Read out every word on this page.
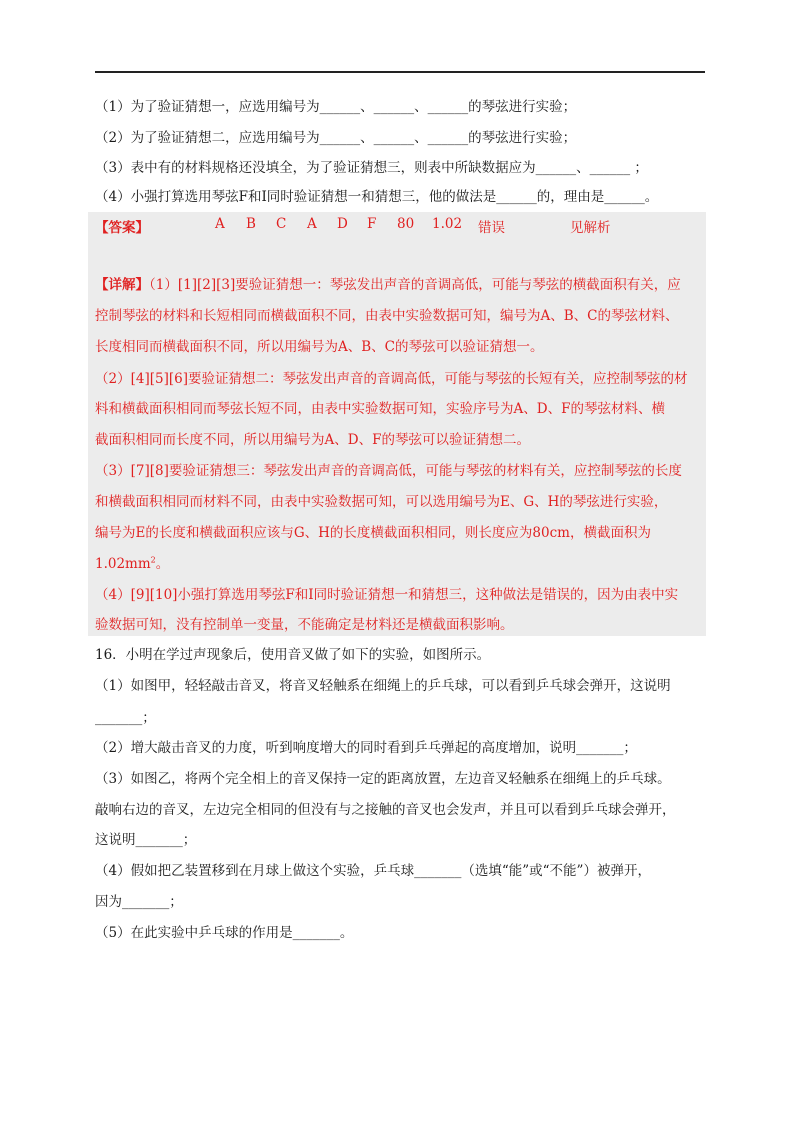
（1）为了验证猜想一，应选用编号为______、______、______的琴弦进行实验；
（2）为了验证猜想二，应选用编号为______、______、______的琴弦进行实验；
（3）表中有的材料规格还没填全，为了验证猜想三，则表中所缺数据应为______、______ ；
（4）小强打算选用琴弦F和I同时验证猜想一和猜想三，他的做法是______的，理由是______。
【答案】	A B C A D F 80 1.02 错误	见解析
【详解】（1）[1][2][3]要验证猜想一：琴弦发出声音的音调高低，可能与琴弦的横截面积有关，应
控制琴弦的材料和长短相同而横截面积不同，由表中实验数据可知，编号为A、B、C的琴弦材料、
长度相同而横截面积不同，所以用编号为A、B、C的琴弦可以验证猜想一。
（2）[4][5][6]要验证猜想二：琴弦发出声音的音调高低，可能与琴弦的长短有关，应控制琴弦的材
料和横截面积相同而琴弦长短不同，由表中实验数据可知，实验序号为A、D、F的琴弦材料、横
截面积相同而长度不同，所以用编号为A、D、F的琴弦可以验证猜想二。
（3）[7][8]要验证猜想三：琴弦发出声音的音调高低，可能与琴弦的材料有关，应控制琴弦的长度
和横截面积相同而材料不同，由表中实验数据可知，可以选用编号为E、G、H的琴弦进行实验，
编号为E的长度和横截面积应该与G、H的长度横截面积相同，则长度应为80cm，横截面积为
$1.02mm^2$。
（4）[9][10]小强打算选用琴弦F和I同时验证猜想一和猜想三，这种做法是错误的，因为由表中实
验数据可知，没有控制单一变量，不能确定是材料还是横截面积影响。
16．小明在学过声现象后，使用音叉做了如下的实验，如图所示。
（1）如图甲，轻轻敲击音叉，将音叉轻触系在细绳上的乒乓球，可以看到乒乓球会弹开，这说明
_______；
（2）增大敲击音叉的力度，听到响度增大的同时看到乒乓弹起的高度增加，说明_______；
（3）如图乙，将两个完全相上的音叉保持一定的距离放置，左边音叉轻触系在细绳上的乒乓球。
敲响右边的音叉，左边完全相同的但没有与之接触的音叉也会发声，并且可以看到乒乓球会弹开，
这说明_______；
（4）假如把乙装置移到在月球上做这个实验，乒乓球_______（选填“能”或“不能”）被弹开，
因为_______；
（5）在此实验中乒乓球的作用是_______。
